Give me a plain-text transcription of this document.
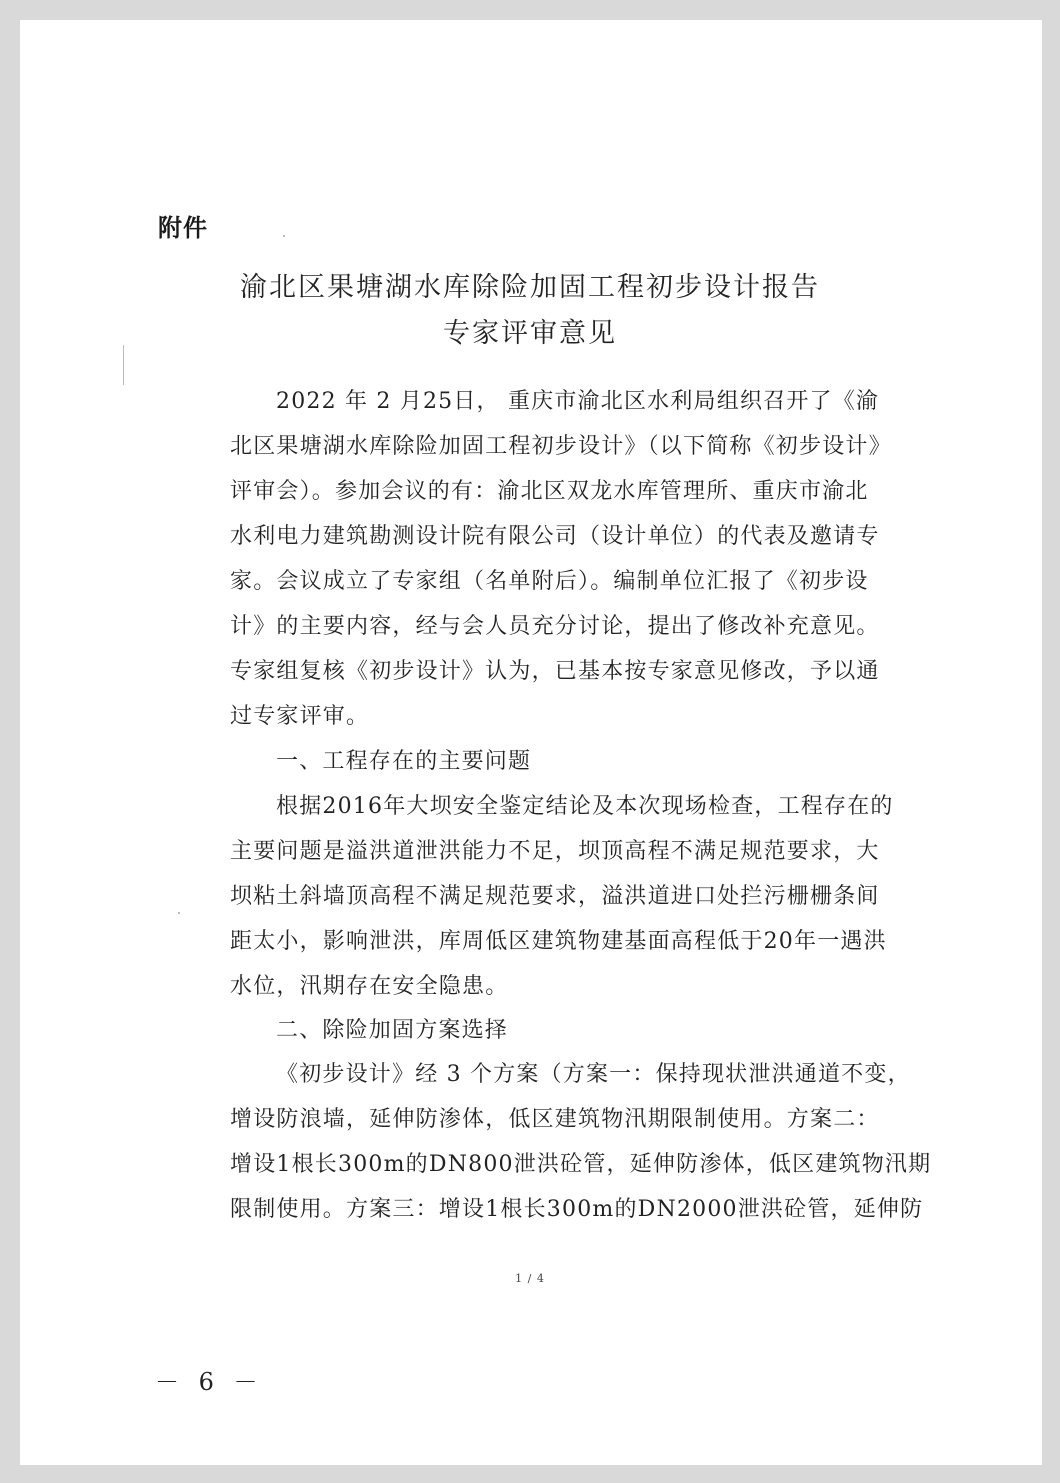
附件
渝北区果塘湖水库除险加固工程初步设计报告
专家评审意见
2022 年 2 月25日， 重庆市渝北区水利局组织召开了《渝
北区果塘湖水库除险加固工程初步设计》（以下简称《初步设计》
评审会）。参加会议的有：渝北区双龙水库管理所、重庆市渝北
水利电力建筑勘测设计院有限公司（设计单位）的代表及邀请专
家。会议成立了专家组（名单附后）。编制单位汇报了《初步设
计》的主要内容，经与会人员充分讨论，提出了修改补充意见。
专家组复核《初步设计》认为，已基本按专家意见修改，予以通
过专家评审。
一、工程存在的主要问题
根据2016年大坝安全鉴定结论及本次现场检查，工程存在的
主要问题是溢洪道泄洪能力不足，坝顶高程不满足规范要求，大
坝粘土斜墙顶高程不满足规范要求，溢洪道进口处拦污栅栅条间
距太小，影响泄洪，库周低区建筑物建基面高程低于20年一遇洪
水位，汛期存在安全隐患。
二、除险加固方案选择
《初步设计》经 3 个方案（方案一：保持现状泄洪通道不变，
增设防浪墙，延伸防渗体，低区建筑物汛期限制使用。方案二：
增设1根长300m的DN800泄洪砼管，延伸防渗体，低区建筑物汛期
限制使用。方案三：增设1根长300m的DN2000泄洪砼管，延伸防
1 / 4
－ 6 －
